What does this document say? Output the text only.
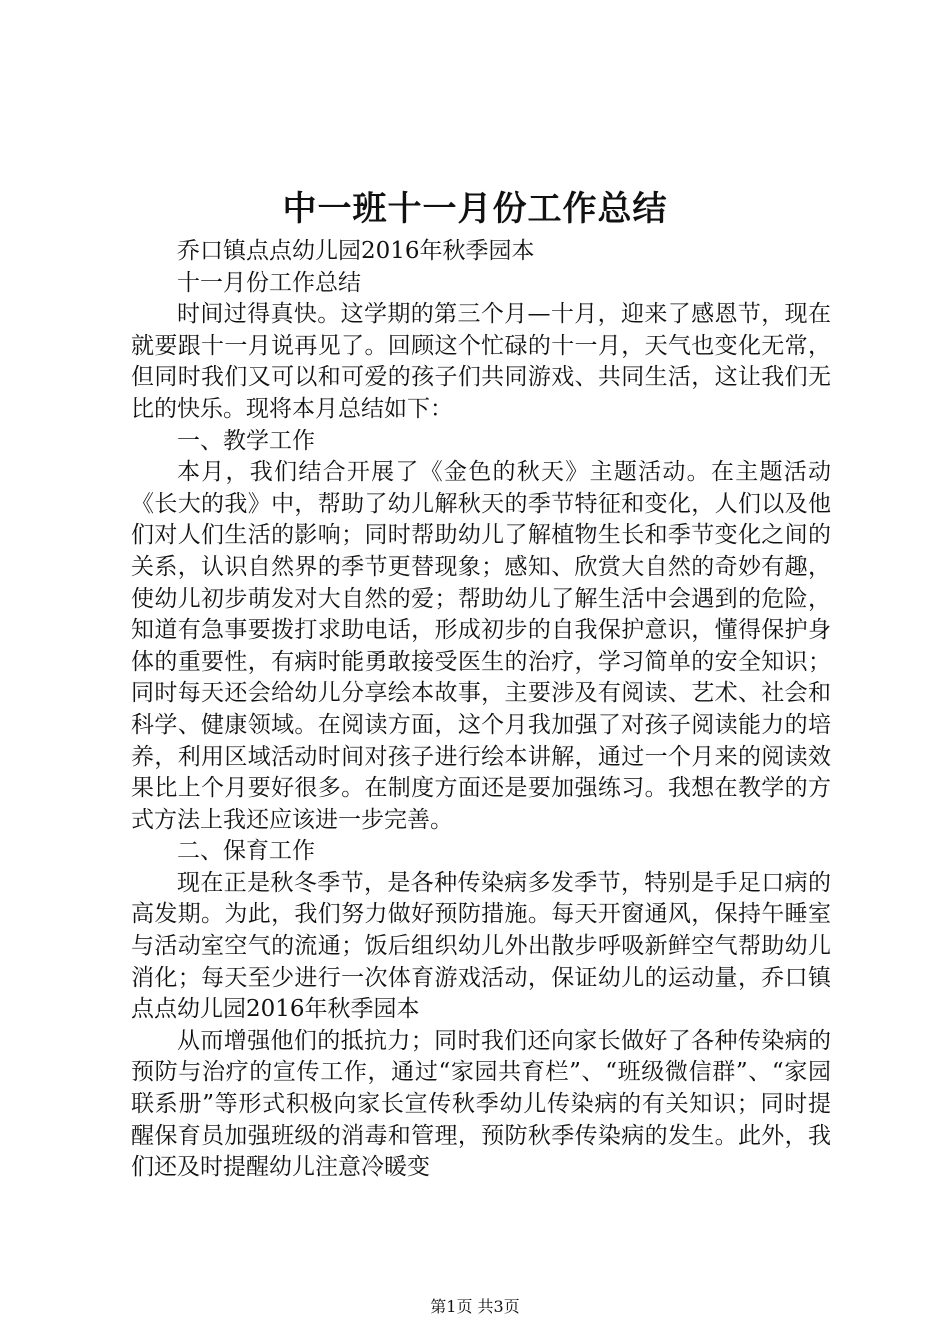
中一班十一月份工作总结

乔口镇点点幼儿园2016年秋季园本

十一月份工作总结

时间过得真快。这学期的第三个月—十月，迎来了感恩节，现在就要跟十一月说再见了。回顾这个忙碌的十一月，天气也变化无常，但同时我们又可以和可爱的孩子们共同游戏、共同生活，这让我们无比的快乐。现将本月总结如下：

一、教学工作

本月，我们结合开展了《金色的秋天》主题活动。在主题活动《长大的我》中，帮助了幼儿解秋天的季节特征和变化，人们以及他们对人们生活的影响；同时帮助幼儿了解植物生长和季节变化之间的关系，认识自然界的季节更替现象；感知、欣赏大自然的奇妙有趣，使幼儿初步萌发对大自然的爱；帮助幼儿了解生活中会遇到的危险，知道有急事要拨打求助电话，形成初步的自我保护意识，懂得保护身体的重要性，有病时能勇敢接受医生的治疗，学习简单的安全知识；同时每天还会给幼儿分享绘本故事，主要涉及有阅读、艺术、社会和科学、健康领域。在阅读方面，这个月我加强了对孩子阅读能力的培养，利用区域活动时间对孩子进行绘本讲解，通过一个月来的阅读效果比上个月要好很多。在制度方面还是要加强练习。我想在教学的方式方法上我还应该进一步完善。

二、保育工作

现在正是秋冬季节，是各种传染病多发季节，特别是手足口病的高发期。为此，我们努力做好预防措施。每天开窗通风，保持午睡室与活动室空气的流通；饭后组织幼儿外出散步呼吸新鲜空气帮助幼儿消化；每天至少进行一次体育游戏活动，保证幼儿的运动量，乔口镇点点幼儿园2016年秋季园本

从而增强他们的抵抗力；同时我们还向家长做好了各种传染病的预防与治疗的宣传工作，通过“家园共育栏”、“班级微信群”、“家园联系册”等形式积极向家长宣传秋季幼儿传染病的有关知识；同时提醒保育员加强班级的消毒和管理，预防秋季传染病的发生。此外，我们还及时提醒幼儿注意冷暖变

第1页 共3页
